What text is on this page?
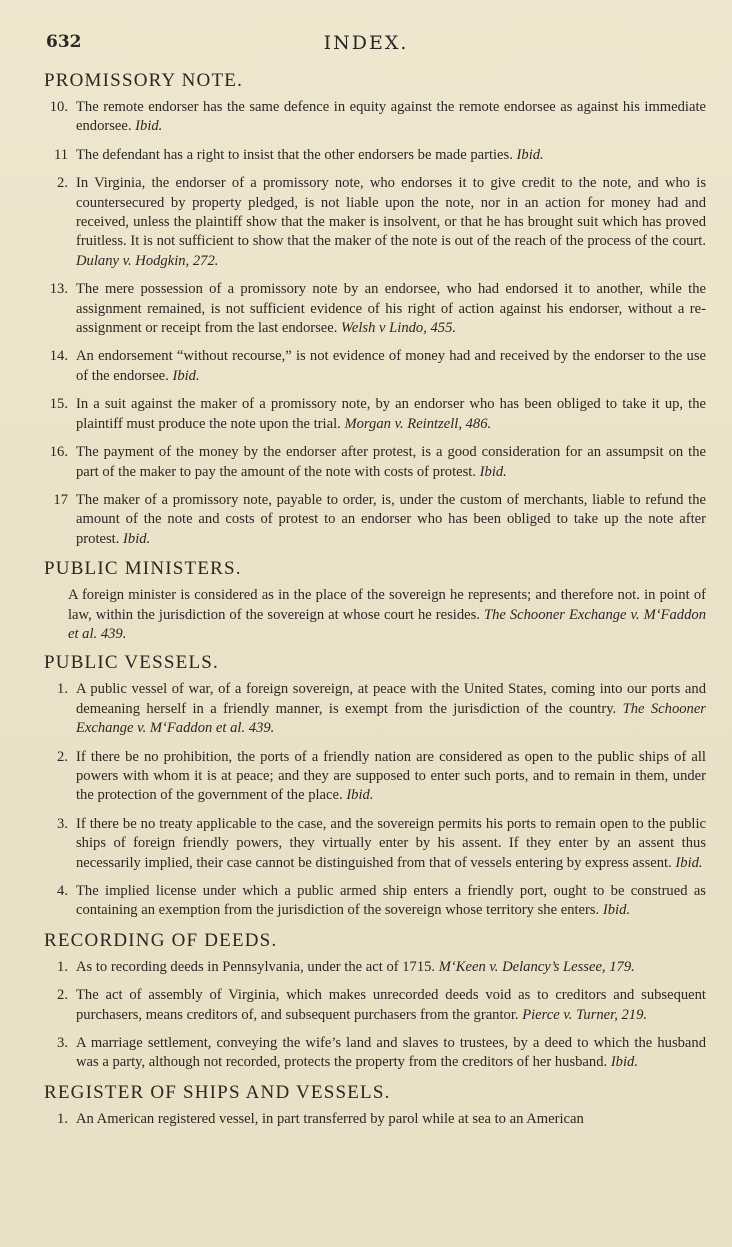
632	INDEX.
PROMISSORY NOTE.
10. The remote endorser has the same defence in equity against the remote endorsee as against his immediate endorsee. Ibid.
11 The defendant has a right to insist that the other endorsers be made parties. Ibid.
2. In Virginia, the endorser of a promissory note, who endorses it to give credit to the note, and who is countersecured by property pledged, is not liable upon the note, nor in an action for money had and received, unless the plaintiff show that the maker is insolvent, or that he has brought suit which has proved fruitless. It is not sufficient to show that the maker of the note is out of the reach of the process of the court. Dulany v. Hodgkin, 272.
13. The mere possession of a promissory note by an endorsee, who had endorsed it to another, while the assignment remained, is not sufficient evidence of his right of action against his endorser, without a re-assignment or receipt from the last endorsee. Welsh v Lindo, 455.
14. An endorsement “without recourse,” is not evidence of money had and received by the endorser to the use of the endorsee. Ibid.
15. In a suit against the maker of a promissory note, by an endorser who has been obliged to take it up, the plaintiff must produce the note upon the trial. Morgan v. Reintzell, 486.
16. The payment of the money by the endorser after protest, is a good consideration for an assumpsit on the part of the maker to pay the amount of the note with costs of protest. Ibid.
17 The maker of a promissory note, payable to order, is, under the custom of merchants, liable to refund the amount of the note and costs of protest to an endorser who has been obliged to take up the note after protest. Ibid.
PUBLIC MINISTERS.
A foreign minister is considered as in the place of the sovereign he represents; and therefore not. in point of law, within the jurisdiction of the sovereign at whose court he resides. The Schooner Exchange v. M‘Faddon et al. 439.
PUBLIC VESSELS.
1. A public vessel of war, of a foreign sovereign, at peace with the United States, coming into our ports and demeaning herself in a friendly manner, is exempt from the jurisdiction of the country. The Schooner Exchange v. M‘Faddon et al. 439.
2. If there be no prohibition, the ports of a friendly nation are considered as open to the public ships of all powers with whom it is at peace; and they are supposed to enter such ports, and to remain in them, under the protection of the government of the place. Ibid.
3. If there be no treaty applicable to the case, and the sovereign permits his ports to remain open to the public ships of foreign friendly powers, they virtually enter by his assent. If they enter by an assent thus necessarily implied, their case cannot be distinguished from that of vessels entering by express assent. Ibid.
4. The implied license under which a public armed ship enters a friendly port, ought to be construed as containing an exemption from the jurisdiction of the sovereign whose territory she enters. Ibid.
RECORDING OF DEEDS.
1. As to recording deeds in Pennsylvania, under the act of 1715. M‘Keen v. Delancy’s Lessee, 179.
2. The act of assembly of Virginia, which makes unrecorded deeds void as to creditors and subsequent purchasers, means creditors of, and subsequent purchasers from the grantor. Pierce v. Turner, 219.
3. A marriage settlement, conveying the wife’s land and slaves to trustees, by a deed to which the husband was a party, although not recorded, protects the property from the creditors of her husband. Ibid.
REGISTER OF SHIPS AND VESSELS.
1. An American registered vessel, in part transferred by parol while at sea to an American
